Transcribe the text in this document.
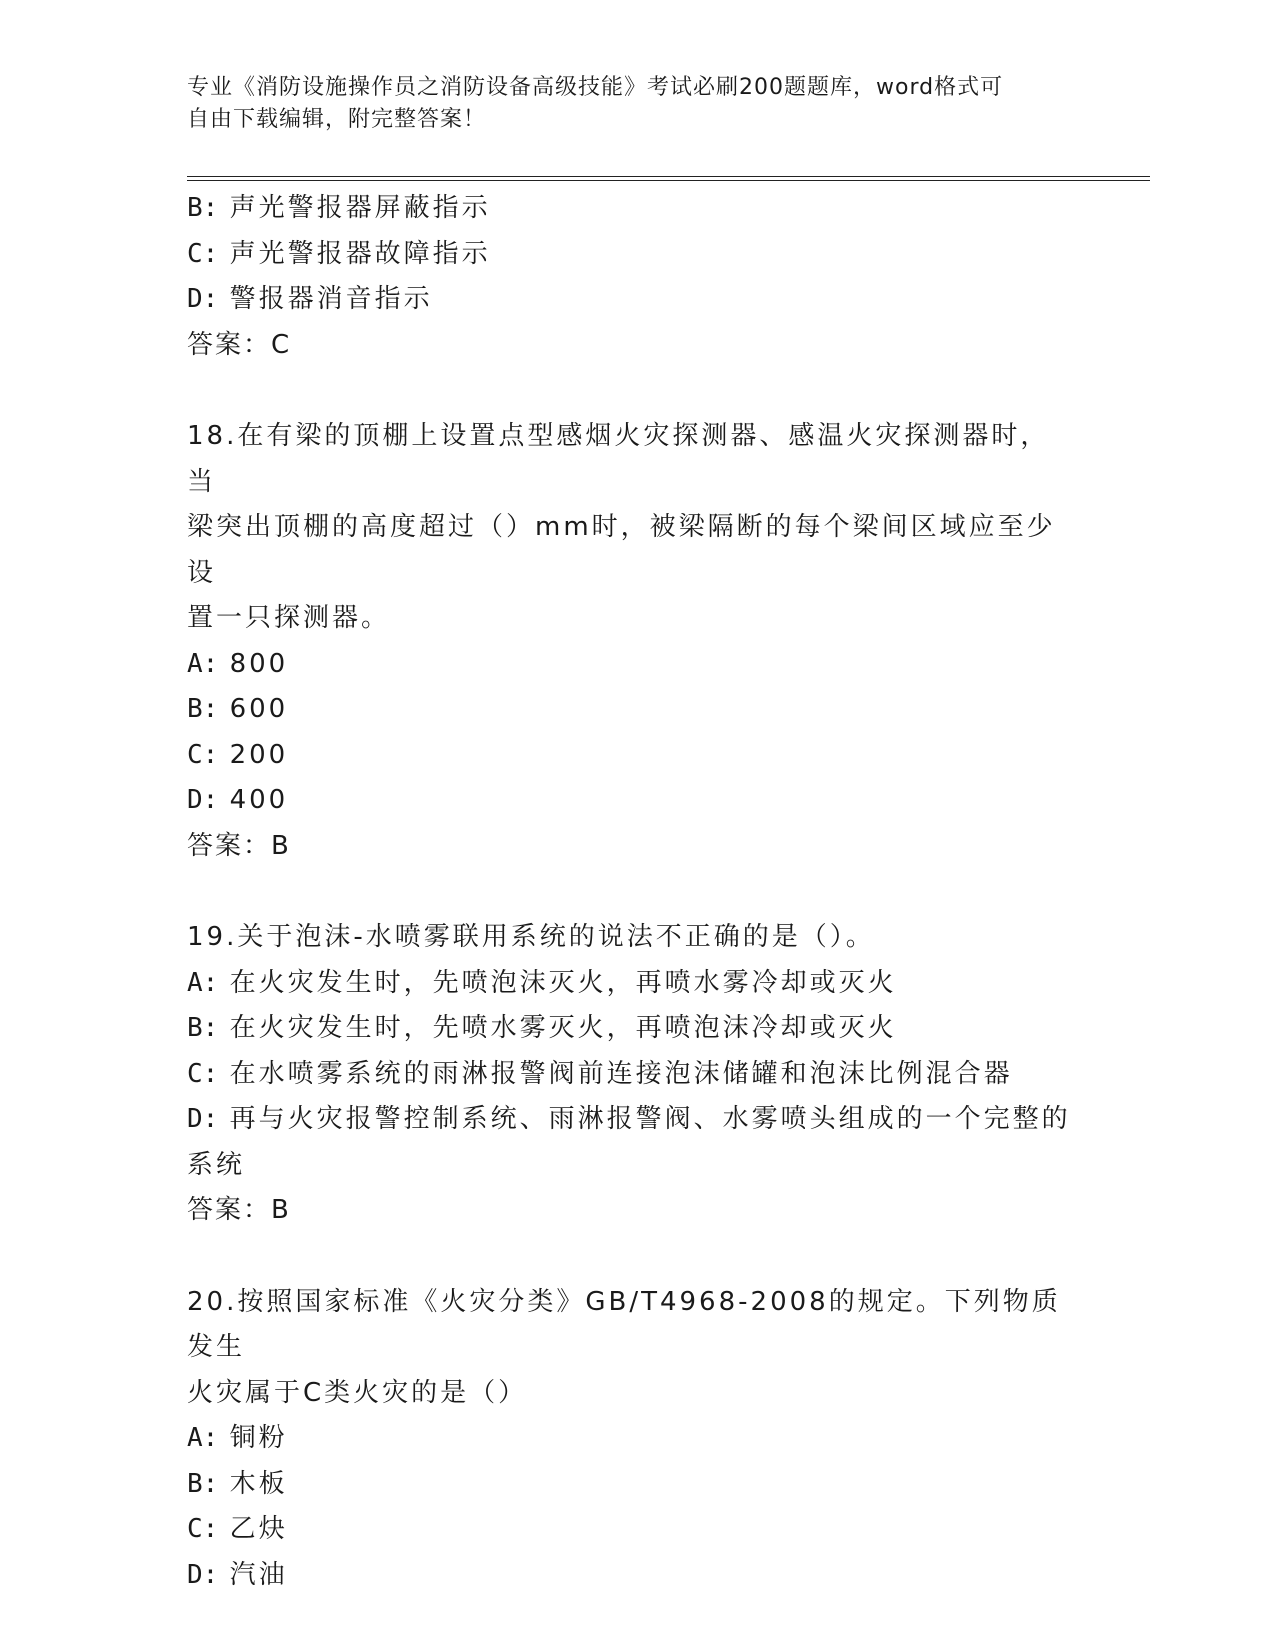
专业《消防设施操作员之消防设备高级技能》考试必刷200题题库，word格式可
自由下载编辑，附完整答案！
B: 声光警报器屏蔽指示
C: 声光警报器故障指示
D: 警报器消音指示
答案：C
18.在有梁的顶棚上设置点型感烟火灾探测器、感温火灾探测器时，当
梁突出顶棚的高度超过（）mm时，被梁隔断的每个梁间区域应至少设
置一只探测器。
A: 800
B: 600
C: 200
D: 400
答案：B
19.关于泡沫-水喷雾联用系统的说法不正确的是（）。
A: 在火灾发生时，先喷泡沫灭火，再喷水雾冷却或灭火
B: 在火灾发生时，先喷水雾灭火，再喷泡沫冷却或灭火
C: 在水喷雾系统的雨淋报警阀前连接泡沫储罐和泡沫比例混合器
D: 再与火灾报警控制系统、雨淋报警阀、水雾喷头组成的一个完整的
系统
答案：B
20.按照国家标准《火灾分类》GB/T4968-2008的规定。下列物质发生
火灾属于C类火灾的是（）
A: 铜粉
B: 木板
C: 乙炔
D: 汽油
